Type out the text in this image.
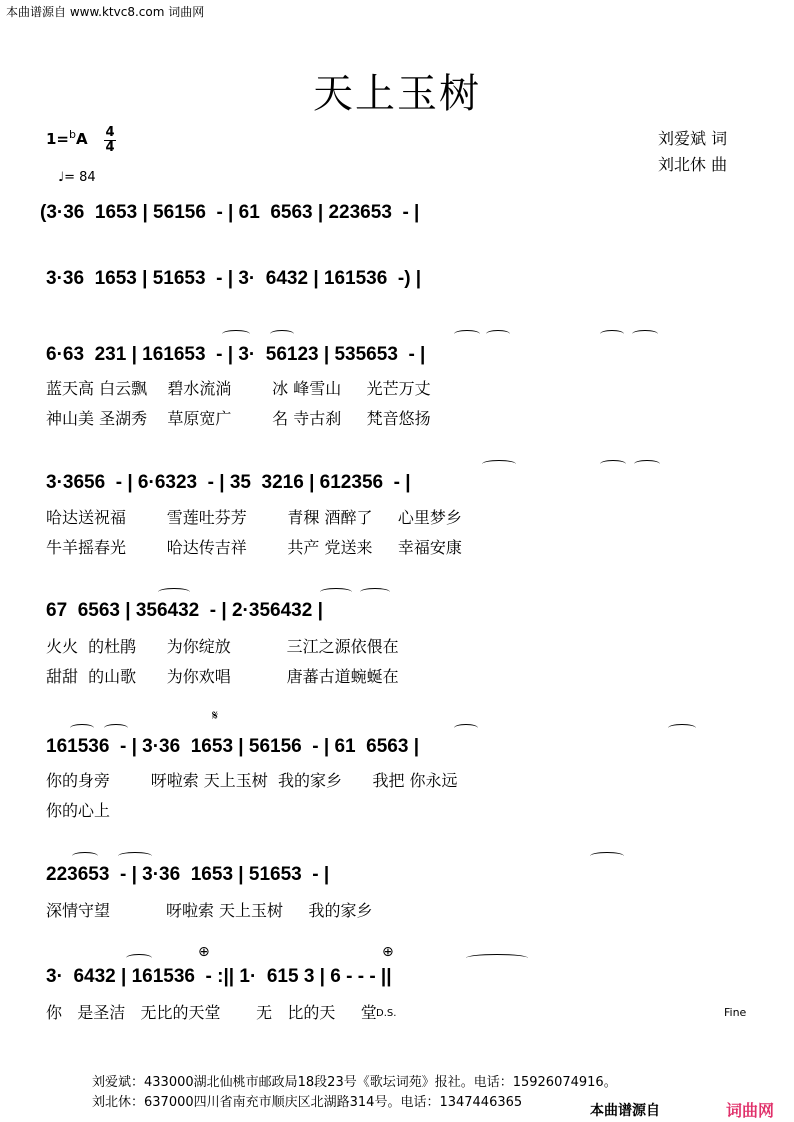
本曲谱源自 www.ktvc8.com 词曲网
天上玉树
1=$^b$A 4
4
♩= 84
刘爱斌 词
刘北休 曲
(3·36  1653 | 56156  - | 61  6563 | 223653  - |
3·36  1653 | 51653  - | 3·  6432 | 161536  -) |
6·63  231 | 161653  - | 3·  56123 | 535653  - |
蓝天高 白云飘    碧水流淌        冰 峰雪山     光芒万丈
神山美 圣湖秀    草原宽广        名 寺古刹     梵音悠扬
3·3656  - | 6·6323  - | 35  3216 | 612356  - |
哈达送祝福        雪莲吐芬芳        青稞 酒醉了     心里梦乡
牛羊摇春光        哈达传吉祥        共产 党送来     幸福安康
67  6563 | 356432  - | 2·356432 |
火火  的杜鹃      为你绽放           三江之源依偎在
甜甜  的山歌      为你欢唱           唐蕃古道蜿蜒在
𝄋
161536  - | 3·36  1653 | 56156  - | 61  6563 |
你的身旁        呀啦索 天上玉树  我的家乡      我把 你永远
你的心上
223653  - | 3·36  1653 | 51653  - |
深情守望           呀啦索 天上玉树     我的家乡
⊕	⊕
3·  6432 | 161536  - :|| 1·  615 3 | 6 - - - ||
你   是圣洁   无比的天堂       无   比的天     堂 D.S.	Fine
刘爱斌：433000湖北仙桃市邮政局18段23号《歌坛词苑》报社。电话：15926074916。
刘北休：637000四川省南充市顺庆区北湖路314号。电话：1347446365
本曲谱源自	词曲网
